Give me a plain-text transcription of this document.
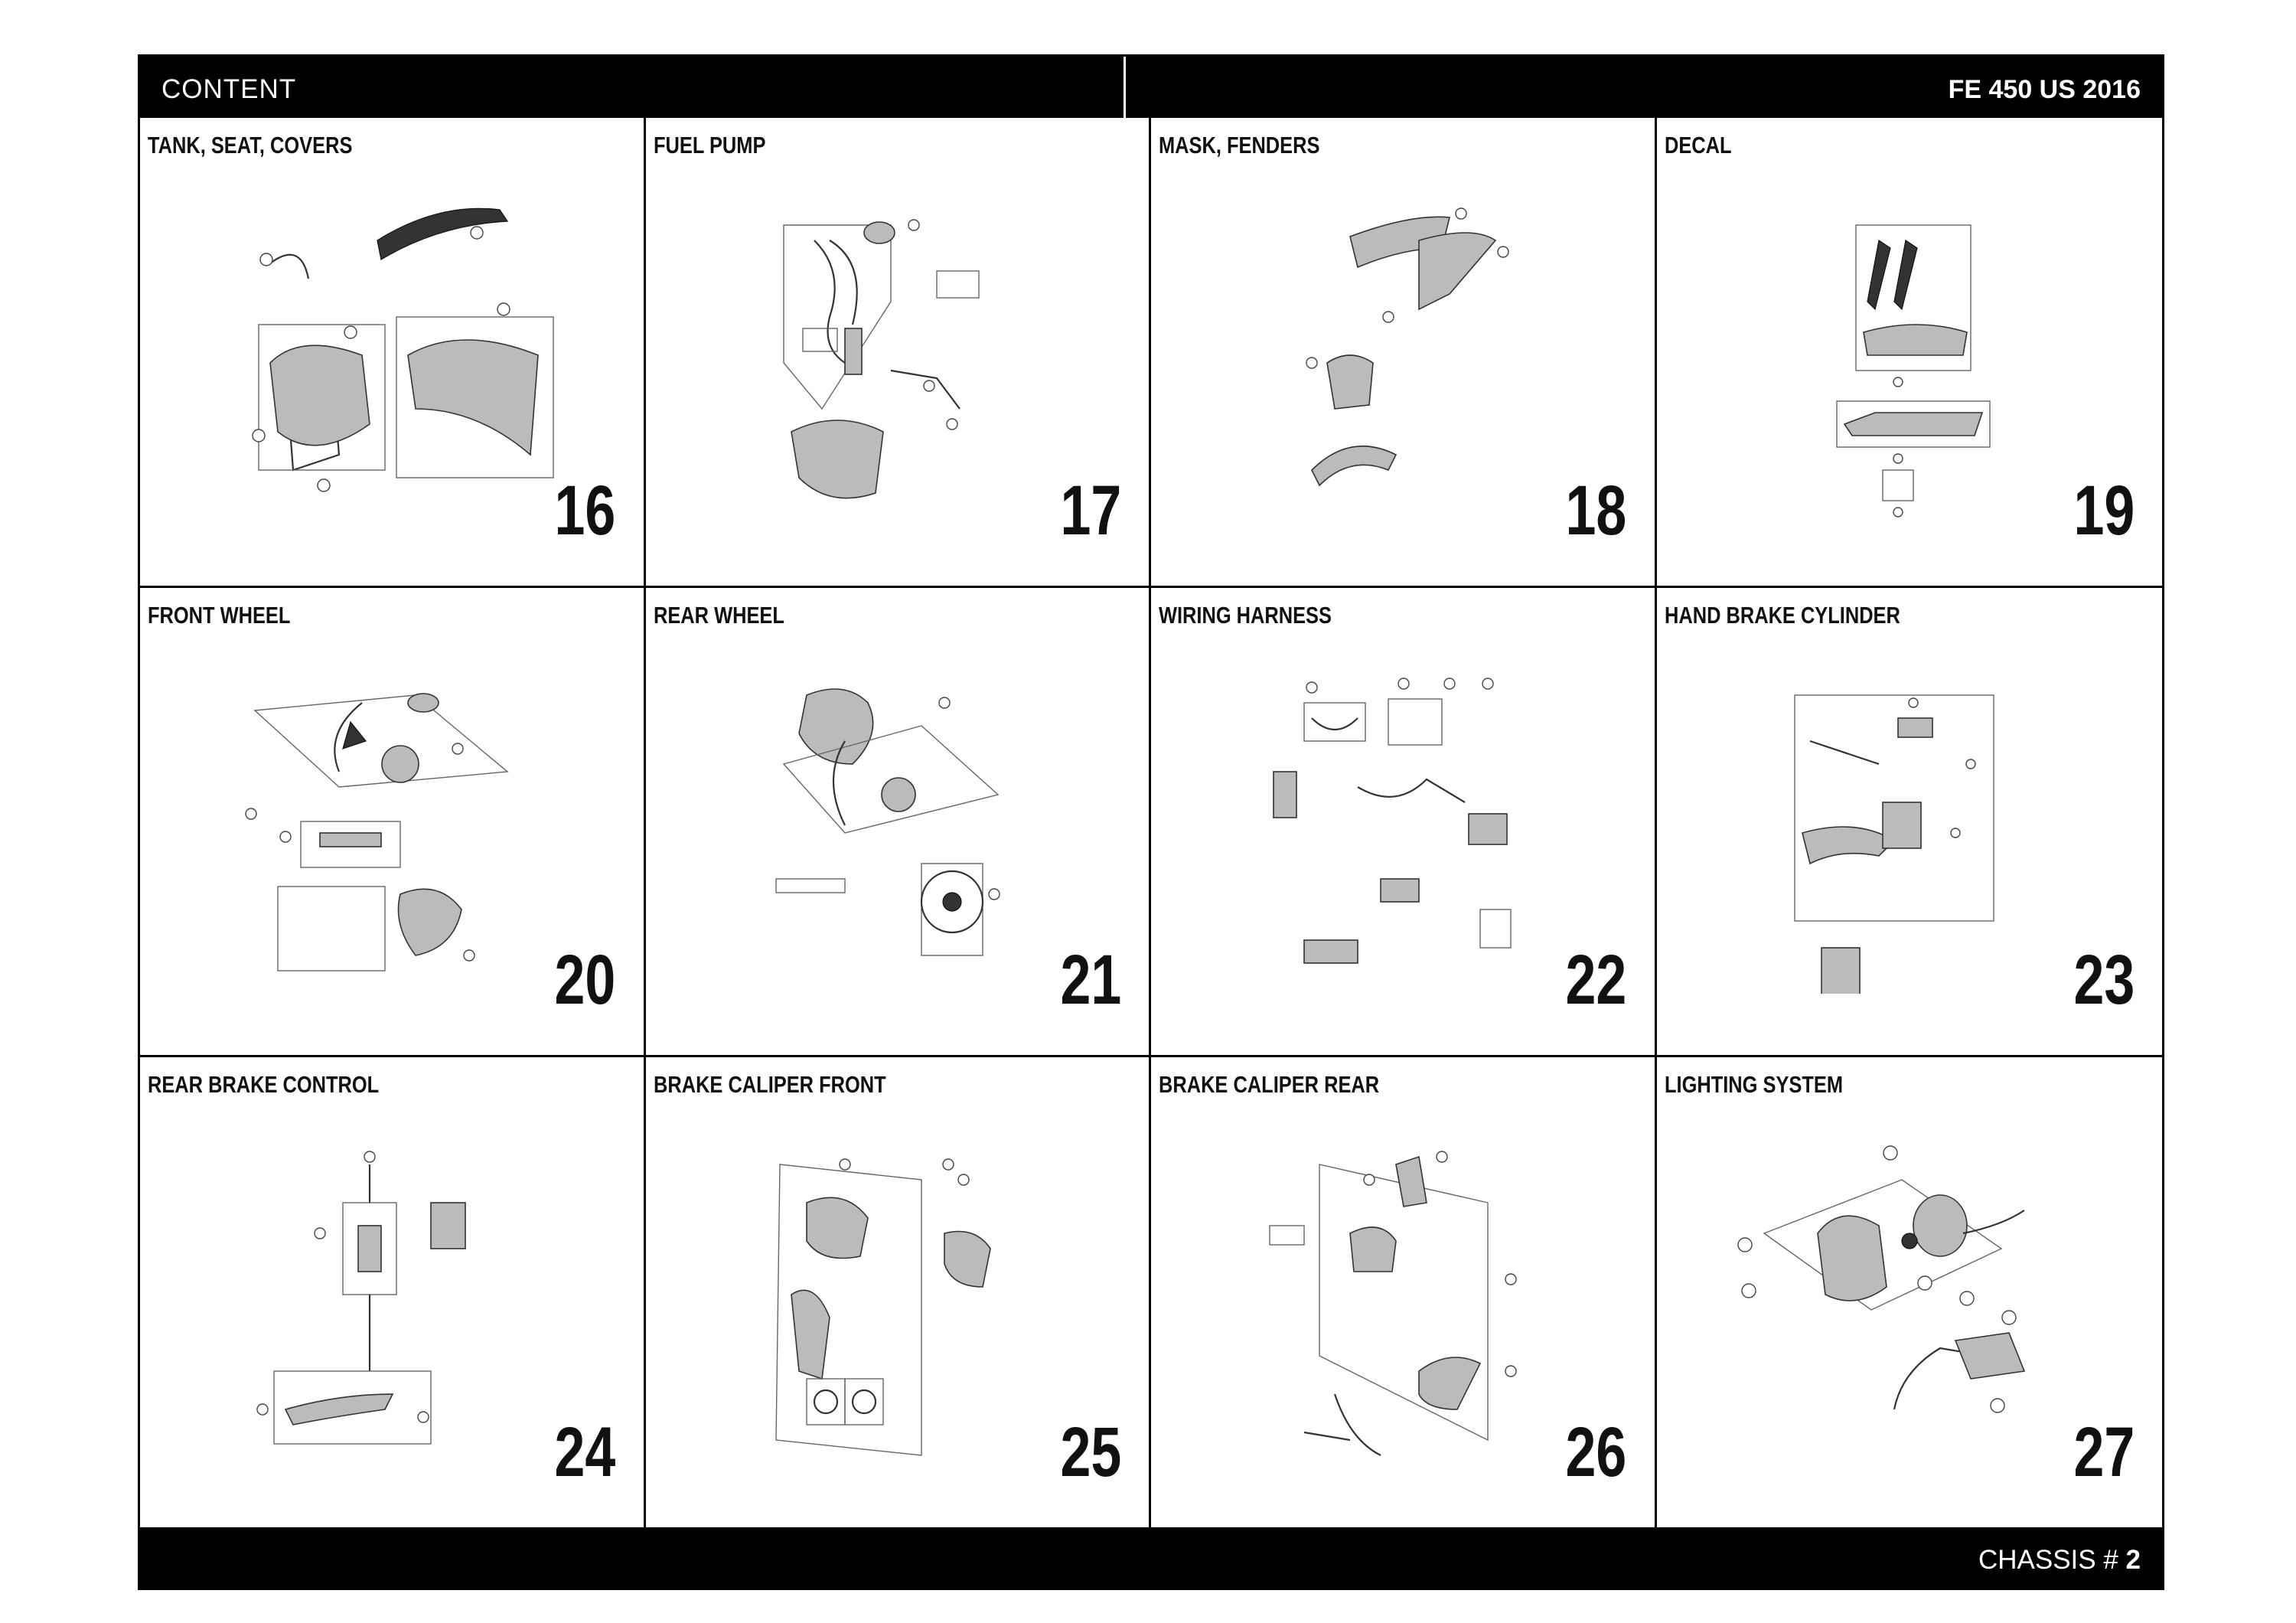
CONTENT	FE 450 US 2016
TANK, SEAT, COVERS
16
FUEL PUMP
17
MASK, FENDERS
18
DECAL
19
FRONT WHEEL
20
REAR WHEEL
21
WIRING HARNESS
22
HAND BRAKE CYLINDER
23
REAR BRAKE CONTROL
24
BRAKE CALIPER FRONT
25
BRAKE CALIPER REAR
26
LIGHTING SYSTEM
27
CHASSIS # 2
